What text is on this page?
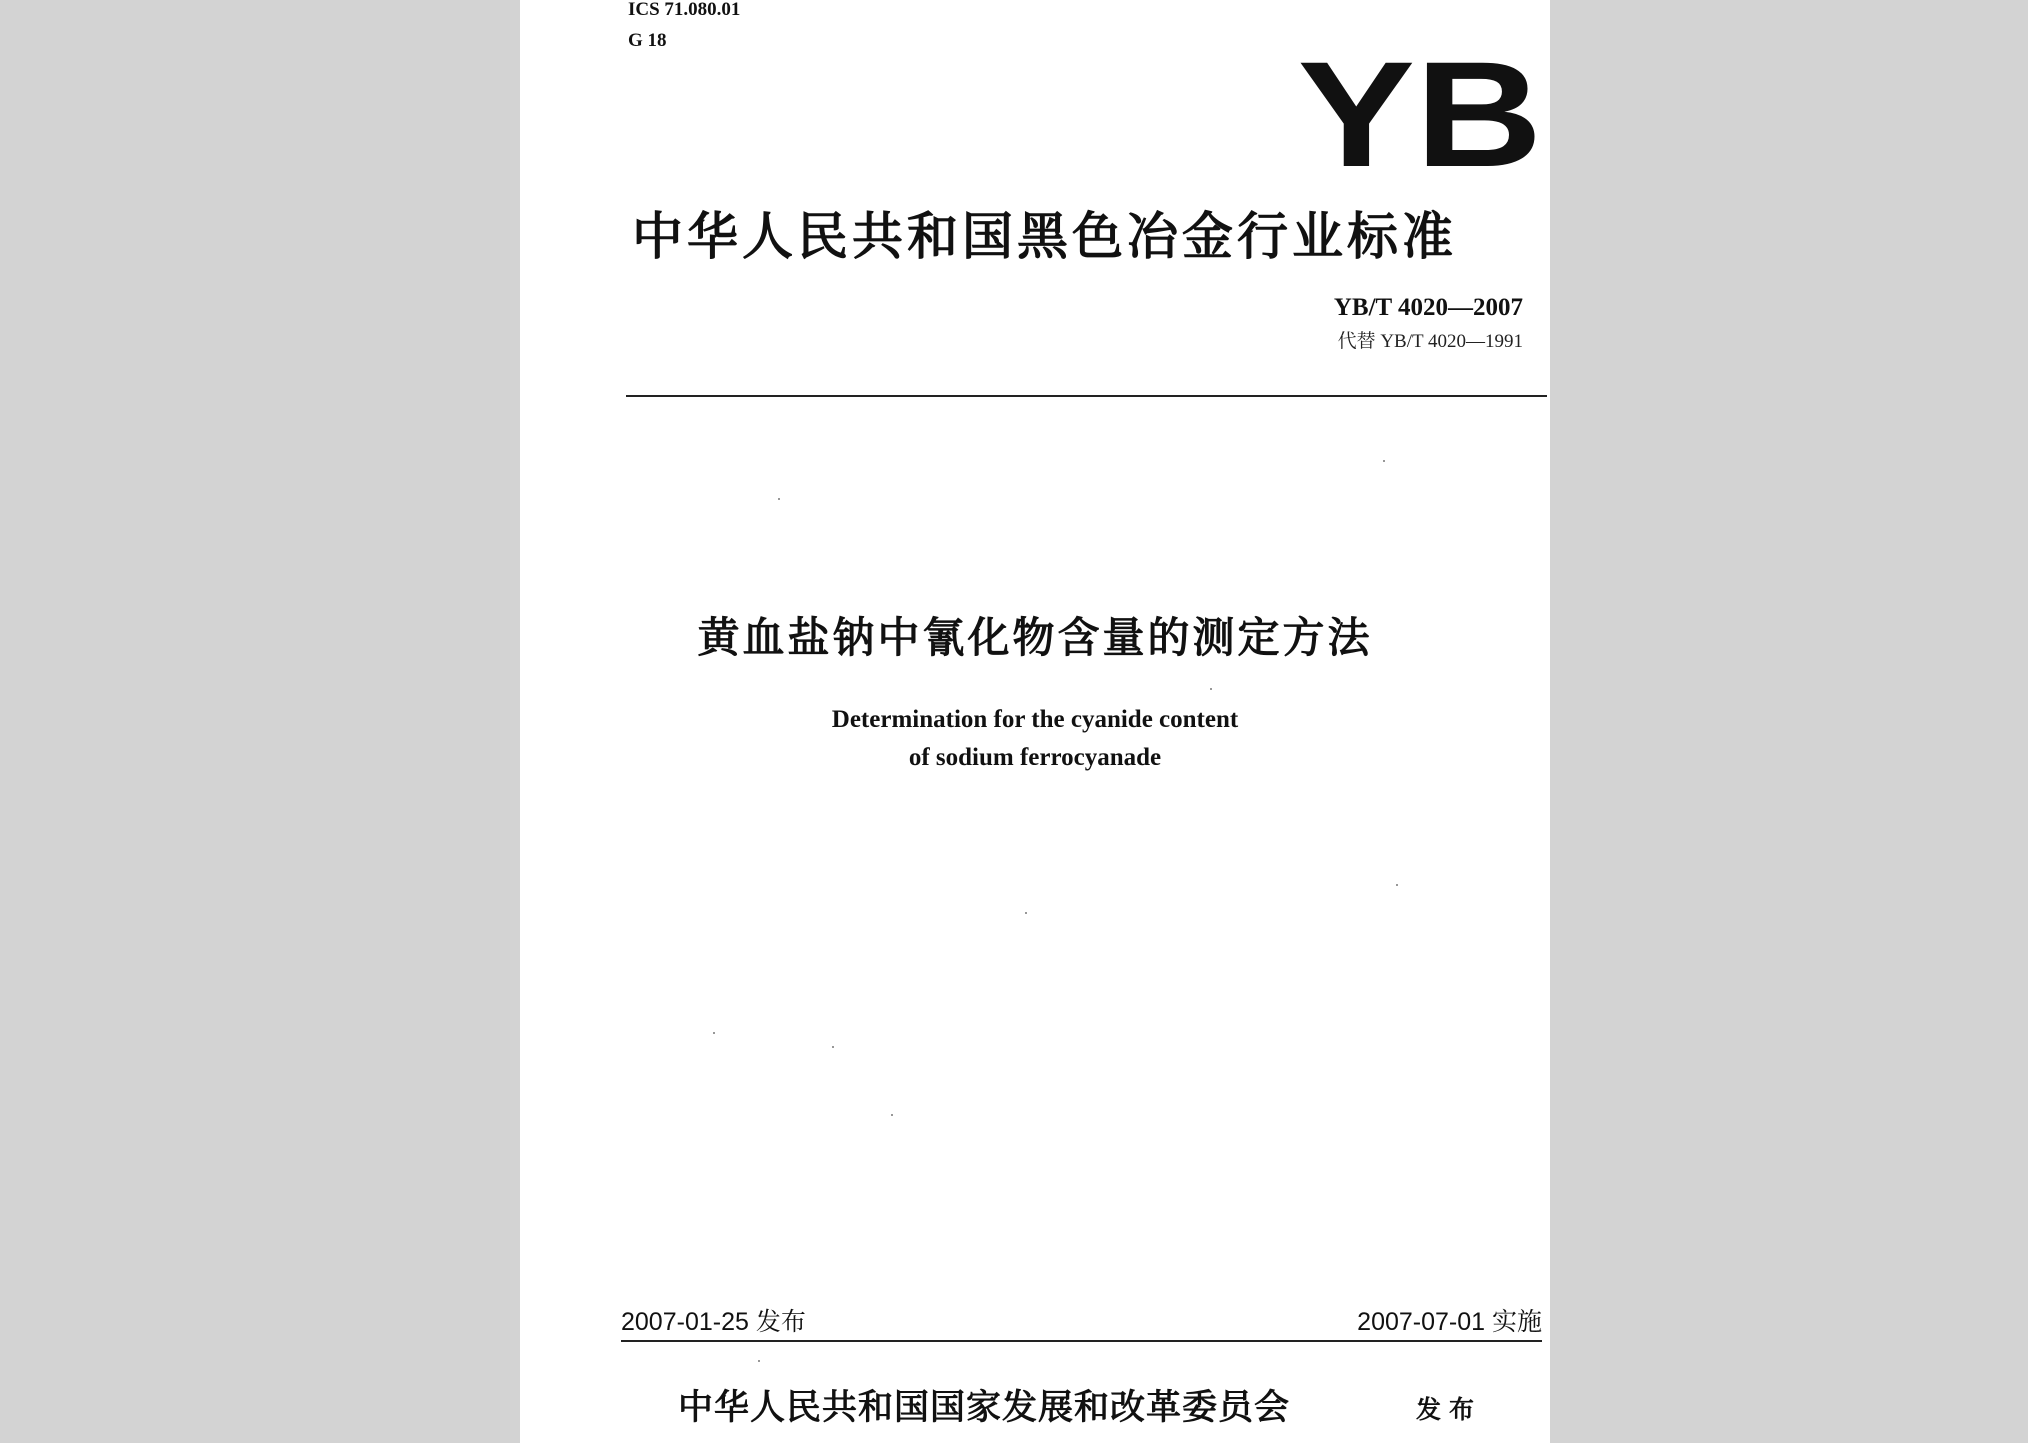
ICS 71.080.01
G 18	YB
中华人民共和国黑色冶金行业标准
YB/T 4020—2007
代替 YB/T 4020—1991
黄血盐钠中氰化物含量的测定方法
Determination for the cyanide content
of sodium ferrocyanade
2007-01-25 发布	2007-07-01 实施
中华人民共和国国家发展和改革委员会	发布
